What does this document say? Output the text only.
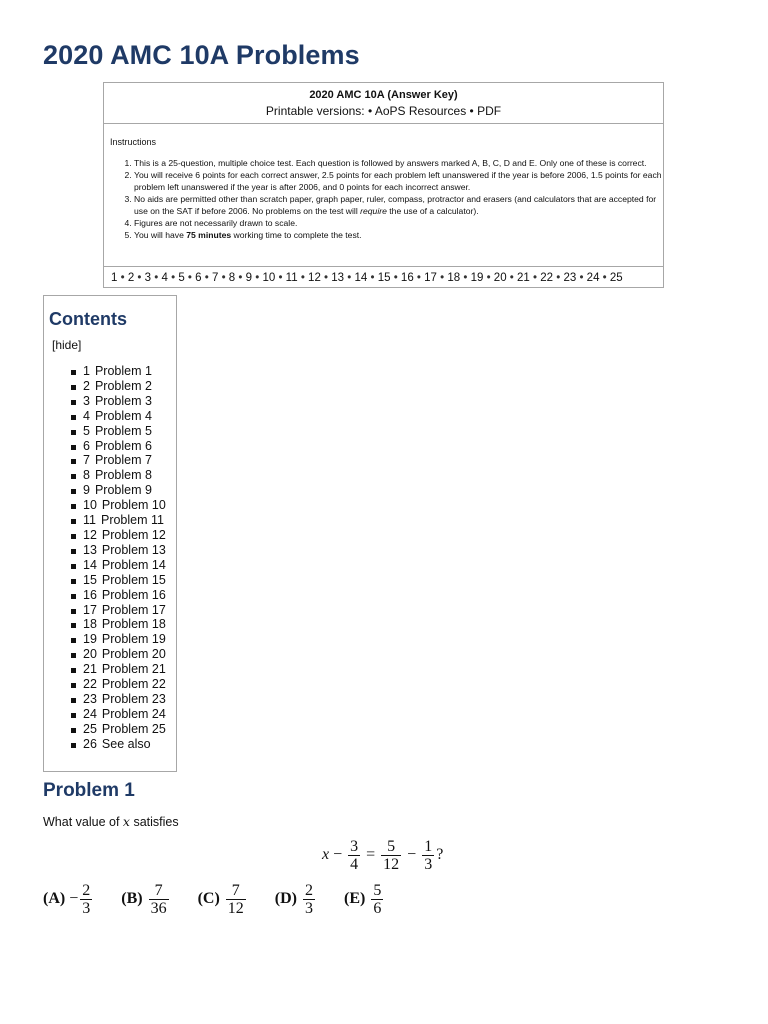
2020 AMC 10A Problems
2020 AMC 10A (Answer Key)
Printable versions: • AoPS Resources • PDF
Instructions
1. This is a 25-question, multiple choice test. Each question is followed by answers marked A, B, C, D and E. Only one of these is correct.
2. You will receive 6 points for each correct answer, 2.5 points for each problem left unanswered if the year is before 2006, 1.5 points for each problem left unanswered if the year is after 2006, and 0 points for each incorrect answer.
3. No aids are permitted other than scratch paper, graph paper, ruler, compass, protractor and erasers (and calculators that are accepted for use on the SAT if before 2006. No problems on the test will require the use of a calculator).
4. Figures are not necessarily drawn to scale.
5. You will have 75 minutes working time to complete the test.
1 • 2 • 3 • 4 • 5 • 6 • 7 • 8 • 9 • 10 • 11 • 12 • 13 • 14 • 15 • 16 • 17 • 18 • 19 • 20 • 21 • 22 • 23 • 24 • 25
Contents
[hide]
1 Problem 1
2 Problem 2
3 Problem 3
4 Problem 4
5 Problem 5
6 Problem 6
7 Problem 7
8 Problem 8
9 Problem 9
10 Problem 10
11 Problem 11
12 Problem 12
13 Problem 13
14 Problem 14
15 Problem 15
16 Problem 16
17 Problem 17
18 Problem 18
19 Problem 19
20 Problem 20
21 Problem 21
22 Problem 22
23 Problem 23
24 Problem 24
25 Problem 25
26 See also
Problem 1
What value of x satisfies
$x - \frac{3}{4} = \frac{5}{12} - \frac{1}{3}$ ?
$(A) - \frac{2}{3} (B) \frac{7}{36} (C) \frac{7}{12} (D) \frac{2}{3} (E) \frac{5}{6}$
